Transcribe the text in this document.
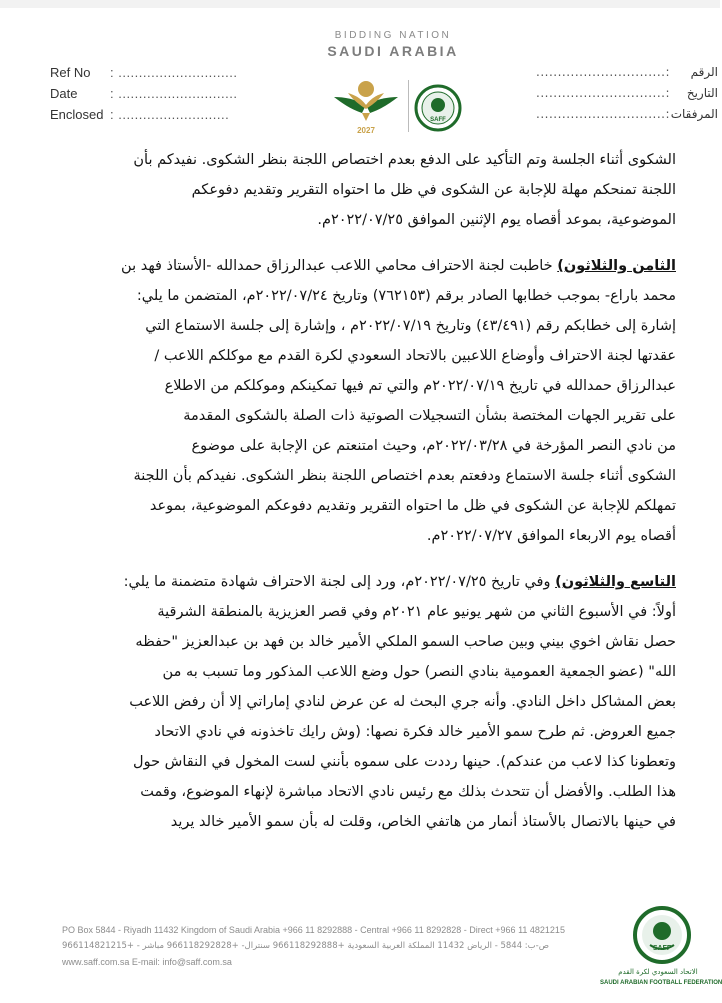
Ref No : .............................
Date	: .............................
Enclosed : ...........................
الرقم:..............................
التاريخ:..............................
المرفقات:..............................
BIDDING NATION
SAUDI ARABIA
2027
SAFF

الشكوى أثناء الجلسة وتم التأكيد على الدفع بعدم اختصاص اللجنة بنظر الشكوى. نفيدكم بأن
اللجنة تمنحكم مهلة للإجابة عن الشكوى في ظل ما احتواه التقرير وتقديم دفوعكم
الموضوعية، بموعد أقصاه يوم الإثنين الموافق ٢٠٢٢/٠٧/٢٥م.

الثامن والثلاثون) خاطبت لجنة الاحتراف محامي اللاعب عبدالرزاق حمدالله -الأستاذ فهد بن
محمد باراع- بموجب خطابها الصادر برقم (٧٦٢١٥٣) وتاريخ ٢٠٢٢/٠٧/٢٤م، المتضمن ما يلي:
إشارة إلى خطابكم رقم (٤٣/٤٩١) وتاريخ ٢٠٢٢/٠٧/١٩م ، وإشارة إلى جلسة الاستماع التي
عقدتها لجنة الاحتراف وأوضاع اللاعبين بالاتحاد السعودي لكرة القدم مع موكلكم اللاعب /
عبدالرزاق حمدالله في تاريخ ٢٠٢٢/٠٧/١٩م والتي تم فيها تمكينكم وموكلكم من الاطلاع
على تقرير الجهات المختصة بشأن التسجيلات الصوتية ذات الصلة بالشكوى المقدمة
من نادي النصر المؤرخة في ٢٠٢٢/٠٣/٢٨م، وحيث امتنعتم عن الإجابة على موضوع
الشكوى أثناء جلسة الاستماع ودفعتم بعدم اختصاص اللجنة بنظر الشكوى. نفيدكم بأن اللجنة
تمهلكم للإجابة عن الشكوى في ظل ما احتواه التقرير وتقديم دفوعكم الموضوعية، بموعد
أقصاه يوم الاربعاء الموافق ٢٠٢٢/٠٧/٢٧م.

التاسع والثلاثون) وفي تاريخ ٢٠٢٢/٠٧/٢٥م، ورد إلى لجنة الاحتراف شهادة متضمنة ما يلي:
أولاً: في الأسبوع الثاني من شهر يونيو عام ٢٠٢١م وفي قصر العزيزية بالمنطقة الشرقية
حصل نقاش اخوي بيني وبين صاحب السمو الملكي الأمير خالد بن فهد بن عبدالعزيز "حفظه
الله" (عضو الجمعية العمومية بنادي النصر) حول وضع اللاعب المذكور وما تسبب به من
بعض المشاكل داخل النادي. وأنه جري البحث له عن عرض لنادي إماراتي إلا أن رفض اللاعب
جميع العروض. ثم طرح سمو الأمير خالد فكرة نصها: (وش رايك تاخذونه في نادي الاتحاد
وتعطونا كذا لاعب من عندكم). حينها رددت على سموه بأنني لست المخول في النقاش حول
هذا الطلب. والأفضل أن تتحدث بذلك مع رئيس نادي الاتحاد مباشرة لإنهاء الموضوع، وقمت
في حينها بالاتصال بالأستاذ أنمار من هاتفي الخاص، وقلت له بأن سمو الأمير خالد يريد

PO Box 5844 - Riyadh 11432 Kingdom of Saudi Arabia +966 11 8292888 - Central +966 11 8292828 - Direct +966 11 4821215
ص-ب: 5844 - الرياض 11432 المملكة العربية السعودية +966118292888 سنترال- +966118292828 مباشر - +966114821215
www.saff.com.sa E-mail: info@saff.com.sa
SAFF
الاتحاد السعودي لكرة القدم
SAUDI ARABIAN FOOTBALL FEDERATION
